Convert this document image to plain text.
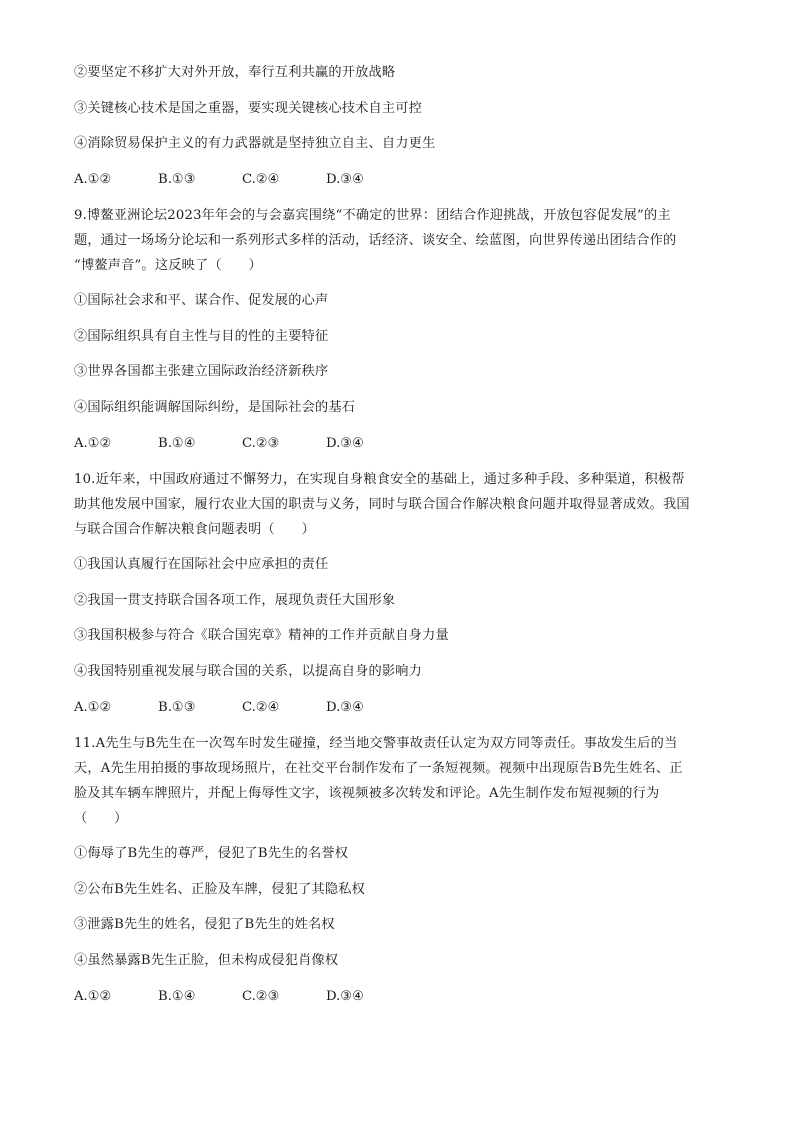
②要坚定不移扩大对外开放，奉行互利共赢的开放战略
③关键核心技术是国之重器，要实现关键核心技术自主可控
④消除贸易保护主义的有力武器就是坚持独立自主、自力更生
A.①②	B.①③	C.②④	D.③④
9.博鳌亚洲论坛2023年年会的与会嘉宾围绕“不确定的世界：团结合作迎挑战，开放包容促发展”的主
题，通过一场场分论坛和一系列形式多样的活动，话经济、谈安全、绘蓝图，向世界传递出团结合作的
“博鳌声音”。这反映了（　　）
①国际社会求和平、谋合作、促发展的心声
②国际组织具有自主性与目的性的主要特征
③世界各国都主张建立国际政治经济新秩序
④国际组织能调解国际纠纷，是国际社会的基石
A.①②	B.①④	C.②③	D.③④
10.近年来，中国政府通过不懈努力，在实现自身粮食安全的基础上，通过多种手段、多种渠道，积极帮
助其他发展中国家，履行农业大国的职责与义务，同时与联合国合作解决粮食问题并取得显著成效。我国
与联合国合作解决粮食问题表明（　　）
①我国认真履行在国际社会中应承担的责任
②我国一贯支持联合国各项工作，展现负责任大国形象
③我国积极参与符合《联合国宪章》精神的工作并贡献自身力量
④我国特别重视发展与联合国的关系，以提高自身的影响力
A.①②	B.①③	C.②④	D.③④
11.A先生与B先生在一次驾车时发生碰撞，经当地交警事故责任认定为双方同等责任。事故发生后的当
天，A先生用拍摄的事故现场照片，在社交平台制作发布了一条短视频。视频中出现原告B先生姓名、正
脸及其车辆车牌照片，并配上侮辱性文字，该视频被多次转发和评论。A先生制作发布短视频的行为
（　　）
①侮辱了B先生的尊严，侵犯了B先生的名誉权
②公布B先生姓名、正脸及车牌，侵犯了其隐私权
③泄露B先生的姓名，侵犯了B先生的姓名权
④虽然暴露B先生正脸，但未构成侵犯肖像权
A.①②	B.①④	C.②③	D.③④
